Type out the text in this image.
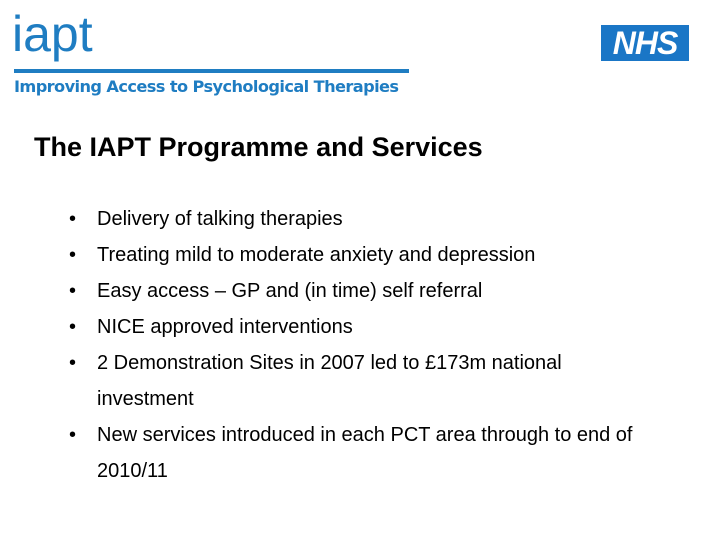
iapt
Improving Access to Psychological Therapies
NHS
The IAPT Programme and Services
• Delivery of talking therapies
• Treating mild to moderate anxiety and depression
• Easy access – GP and (in time) self referral
• NICE approved interventions
• 2 Demonstration Sites in 2007 led to £173m national investment
• New services introduced in each PCT area through to end of 2010/11
